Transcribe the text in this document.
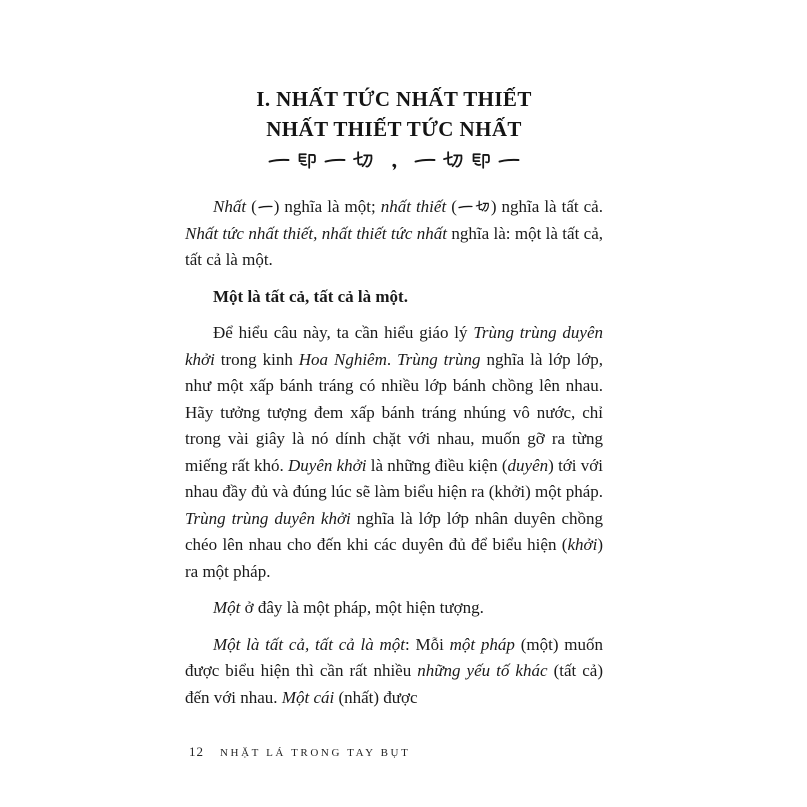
I. NHẤT TỨC NHẤT THIẾT
NHẤT THIẾT TỨC NHẤT

Nhất ( ) nghĩa là một; nhất thiết ( ) nghĩa là tất cả. Nhất tức nhất thiết, nhất thiết tức nhất nghĩa là: một là tất cả, tất cả là một.

Một là tất cả, tất cả là một.

Để hiểu câu này, ta cần hiểu giáo lý Trùng trùng duyên khởi trong kinh Hoa Nghiêm. Trùng trùng nghĩa là lớp lớp, như một xấp bánh tráng có nhiều lớp bánh chồng lên nhau. Hãy tưởng tượng đem xấp bánh tráng nhúng vô nước, chỉ trong vài giây là nó dính chặt với nhau, muốn gỡ ra từng miếng rất khó. Duyên khởi là những điều kiện (duyên) tới với nhau đầy đủ và đúng lúc sẽ làm biểu hiện ra (khởi) một pháp. Trùng trùng duyên khởi nghĩa là lớp lớp nhân duyên chồng chéo lên nhau cho đến khi các duyên đủ để biểu hiện (khởi) ra một pháp.

Một ở đây là một pháp, một hiện tượng.

Một là tất cả, tất cả là một: Mỗi một pháp (một) muốn được biểu hiện thì cần rất nhiều những yếu tố khác (tất cả) đến với nhau. Một cái (nhất) được

12 NHẶT LÁ TRONG TAY BỤT
